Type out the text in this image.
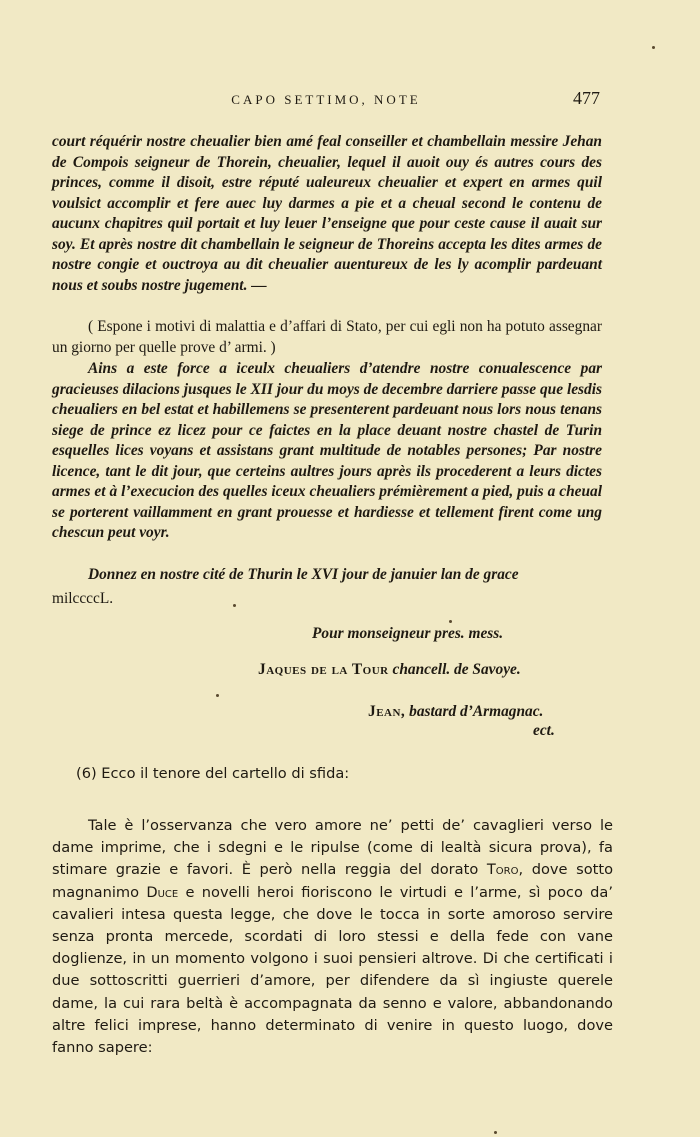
CAPO SETTIMO, NOTE	477
court réquérir nostre cheualier bien amé feal conseiller et chambellain messire Jehan de Compois seigneur de Thorein, cheualier, lequel il auoit ouy és autres cours des princes, comme il disoit, estre réputé ualeureux cheualier et expert en armes quil voulsict accomplir et fere auec luy darmes a pie et a cheual second le contenu de aucunx chapitres quil portait et luy leuer l’enseigne que pour ceste cause il auait sur soy. Et après nostre dit chambellain le seigneur de Thoreins accepta les dites armes de nostre congie et ouctroya au dit cheualier auentureux de les ly acomplir pardeuant nous et soubs nostre jugement. —
( Espone i motivi di malattia e d’affari di Stato, per cui egli non ha potuto assegnar un giorno per quelle prove d’ armi. )
Ains a este force a iceulx cheualiers d’atendre nostre conualescence par gracieuses dilacions jusques le XII jour du moys de decembre darriere passe que lesdis cheualiers en bel estat et habillemens se presenterent pardeuant nous lors nous tenans siege de prince ez licez pour ce faictes en la place deuant nostre chastel de Turin esquelles lices voyans et assistans grant multitude de notables persones; Par nostre licence, tant le dit jour, que certeins aultres jours après ils procederent a leurs dictes armes et à l’execucion des quelles iceux cheualiers prémièrement a pied, puis a cheual se porterent vaillamment en grant prouesse et hardiesse et tellement firent come ung chescun peut voyr.
Donnez en nostre cité de Thurin le XVI jour de januier lan de grace
milccccL.
Pour monseigneur pres. mess.
Jaques de la Tour chancell. de Savoye.
Jean, bastard d’Armagnac.
ect.
(6) Ecco il tenore del cartello di sfida:
Tale è l’osservanza che vero amore ne’ petti de’ cavaglieri verso le dame imprime, che i sdegni e le ripulse (come di lealtà sicura prova), fa stimare grazie e favori. È però nella reggia del dorato Toro, dove sotto magnanimo Duce e novelli heroi fioriscono le virtudi e l’arme, sì poco da’ cavalieri intesa questa legge, che dove le tocca in sorte amoroso servire senza pronta mercede, scordati di loro stessi e della fede con vane doglienze, in un momento volgono i suoi pensieri altrove. Di che certificati i due sottoscritti guerrieri d’amore, per difendere da sì ingiuste querele dame, la cui rara beltà è accompagnata da senno e valore, abbandonando altre felici imprese, hanno determinato di venire in questo luogo, dove fanno sapere:
